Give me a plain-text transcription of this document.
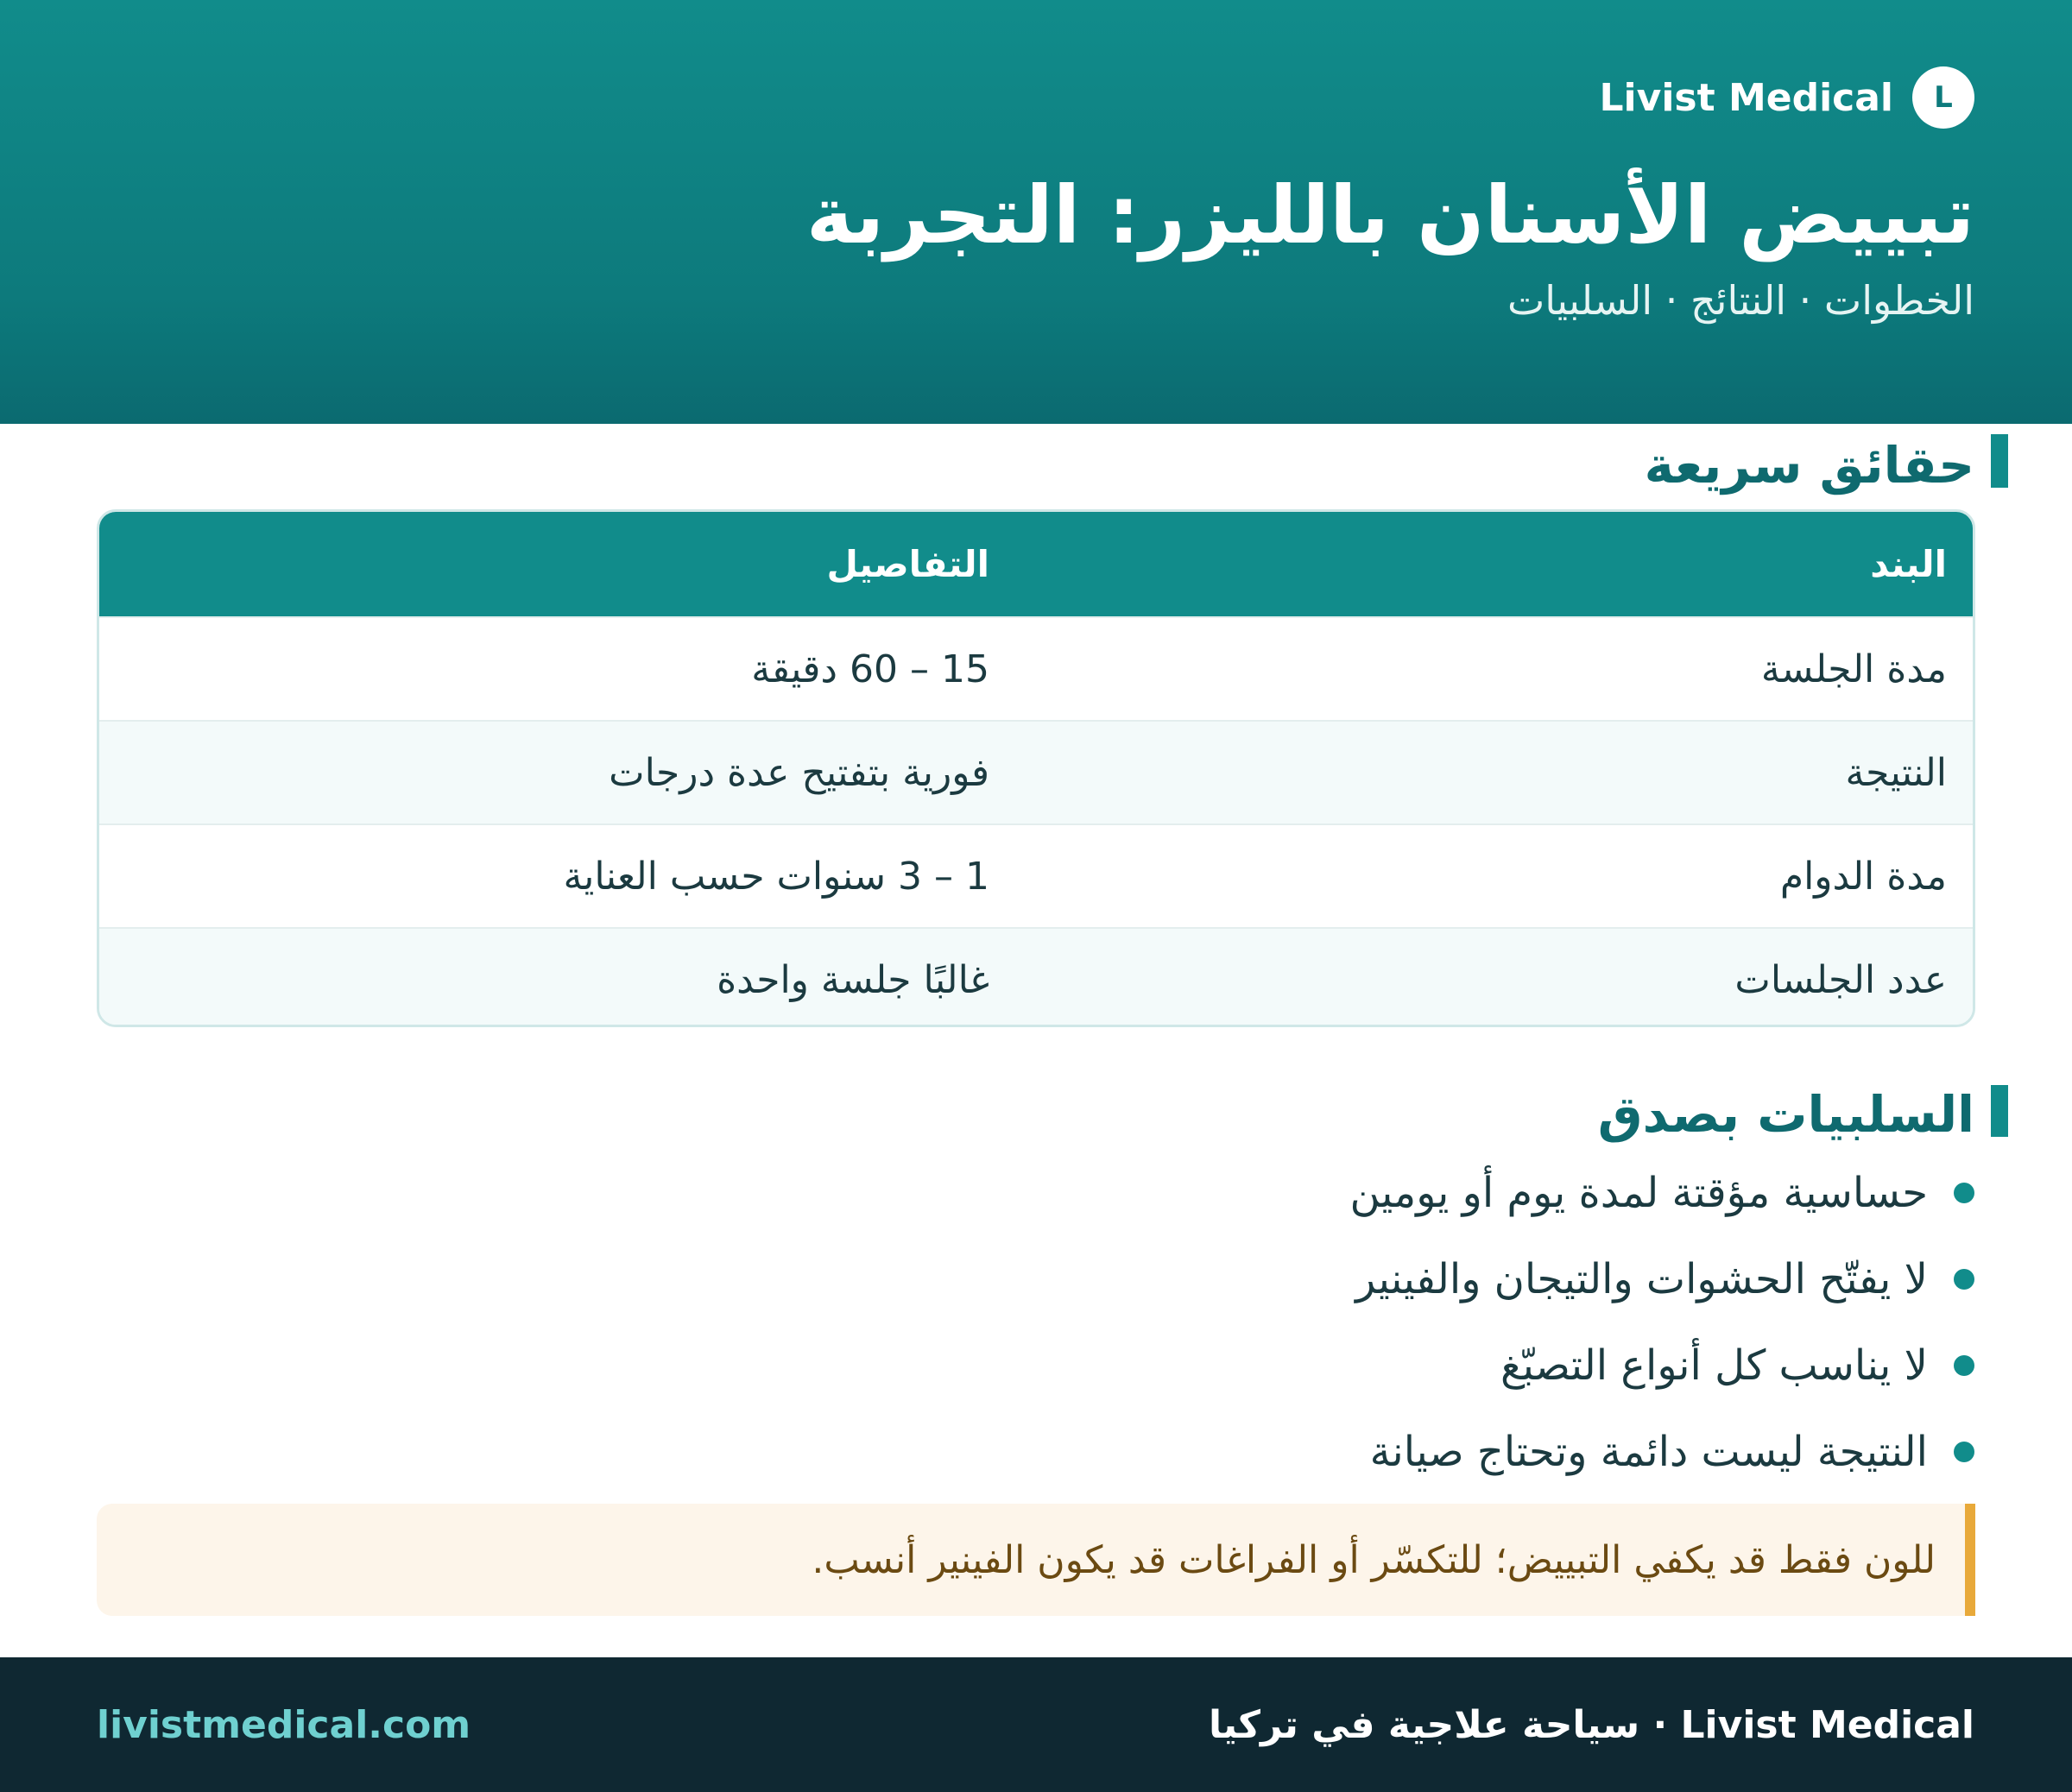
L
Livist Medical
تبييض الأسنان بالليزر: التجربة
الخطوات · النتائج · السلبيات
حقائق سريعة
البند
التفاصيل
مدة الجلسة
15 – 60 دقيقة
النتيجة
فورية بتفتيح عدة درجات
مدة الدوام
1 – 3 سنوات حسب العناية
عدد الجلسات
غالبًا جلسة واحدة
السلبيات بصدق
حساسية مؤقتة لمدة يوم أو يومين
لا يفتّح الحشوات والتيجان والفينير
لا يناسب كل أنواع التصبّغ
النتيجة ليست دائمة وتحتاج صيانة
للون فقط قد يكفي التبييض؛ للتكسّر أو الفراغات قد يكون الفينير أنسب.
livistmedical.com	Livist Medical · سياحة علاجية في تركيا
